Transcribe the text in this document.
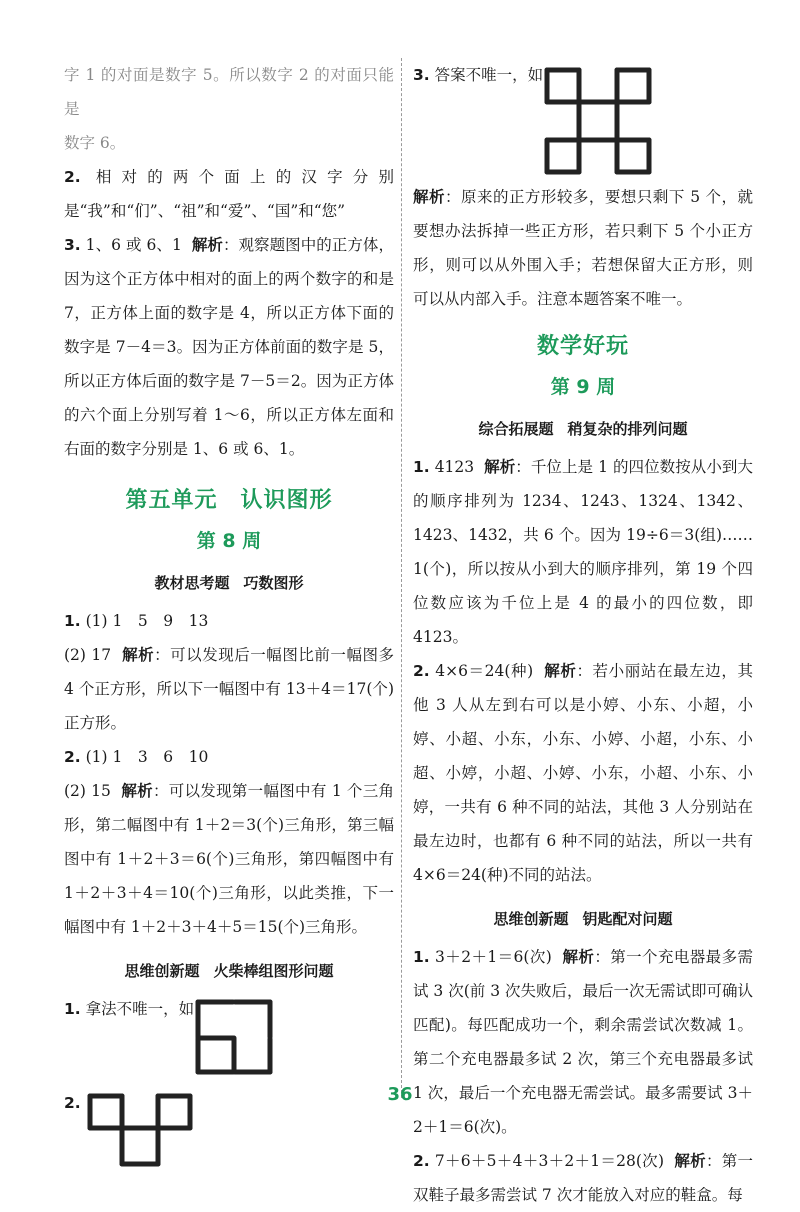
字 1 的对面是数字 5。所以数字 2 的对面只能是

数字 6。

2. 相对的两个面上的汉字分别是“我”和“们”、“祖”和“爱”、“国”和“您”

3. 1、6 或 6、1 解析：观察题图中的正方体，因为这个正方体中相对的面上的两个数字的和是 7，正方体上面的数字是 4，所以正方体下面的数字是 7－4＝3。因为正方体前面的数字是 5，所以正方体后面的数字是 7－5＝2。因为正方体的六个面上分别写着 1～6，所以正方体左面和右面的数字分别是 1、6 或 6、1。

第五单元　认识图形
第 8 周
教材思考题 巧数图形

1. (1) 1　5　9　13

(2) 17 解析：可以发现后一幅图比前一幅图多 4 个正方形，所以下一幅图中有 13＋4＝17(个)正方形。

2. (1) 1　3　6　10

(2) 15 解析：可以发现第一幅图中有 1 个三角形，第二幅图中有 1＋2＝3(个)三角形，第三幅图中有 1＋2＋3＝6(个)三角形，第四幅图中有 1＋2＋3＋4＝10(个)三角形，以此类推，下一幅图中有 1＋2＋3＋4＋5＝15(个)三角形。

思维创新题 火柴棒组图形问题
1.
拿法不唯一，如
2.

3.
答案不唯一，如

解析：原来的正方形较多，要想只剩下 5 个，就要想办法拆掉一些正方形，若只剩下 5 个小正方形，则可以从外围入手；若想保留大正方形，则可以从内部入手。注意本题答案不唯一。

数学好玩
第 9 周
综合拓展题 稍复杂的排列问题

1. 4123 解析：千位上是 1 的四位数按从小到大的顺序排列为 1234、1243、1324、1342、1423、1432，共 6 个。因为 19÷6＝3(组)……1(个)，所以按从小到大的顺序排列，第 19 个四位数应该为千位上是 4 的最小的四位数，即 4123。

2. 4×6＝24(种) 解析：若小丽站在最左边，其他 3 人从左到右可以是小婷、小东、小超，小婷、小超、小东，小东、小婷、小超，小东、小超、小婷，小超、小婷、小东，小超、小东、小婷，一共有 6 种不同的站法，其他 3 人分别站在最左边时，也都有 6 种不同的站法，所以一共有 4×6＝24(种)不同的站法。

思维创新题 钥匙配对问题

1. 3＋2＋1＝6(次) 解析：第一个充电器最多需试 3 次(前 3 次失败后，最后一次无需试即可确认匹配)。每匹配成功一个，剩余需尝试次数减 1。第二个充电器最多试 2 次，第三个充电器最多试 1 次，最后一个充电器无需尝试。最多需要试 3＋2＋1＝6(次)。

2. 7＋6＋5＋4＋3＋2＋1＝28(次) 解析：第一双鞋子最多需尝试 7 次才能放入对应的鞋盒。每

36
